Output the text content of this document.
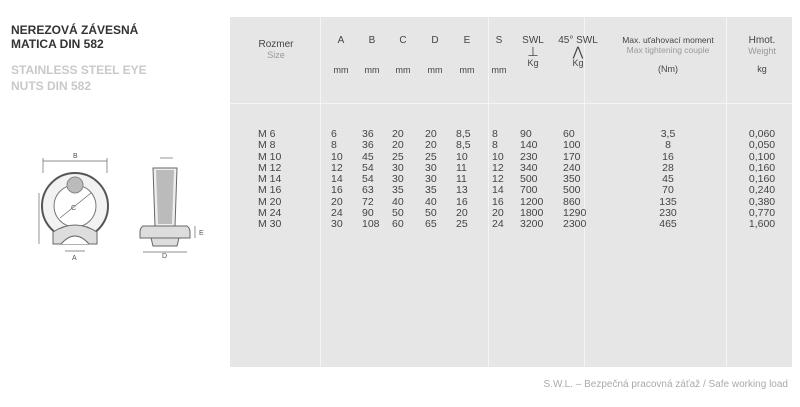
NEREZOVÁ ZÁVESNÁ
MATICA DIN 582
STAINLESS STEEL EYE
NUTS DIN 582
B
C
A	D
E
Rozmer
Size
A
mm
B
mm
C
mm
D
mm
E
mm
S
mm
SWL
⊥
Kg
45° SWL
⋀
Kg
Max. uťahovací moment
Max tightening couple
(Nm)
Hmot.
Weight
kg
M 6
M 8
M 10
M 12
M 14
M 16
M 20
M 24
M 30
6
8
10
12
14
16
20
24
30
36
36
45
54
54
63
72
90
108
20
20
25
30
30
35
40
50
60
20
20
25
30
30
35
40
50
65
8,5
8,5
10
11
11
13
16
20
25
8
8
10
12
12
14
16
20
24
90
140
230
340
500
700
1200
1800
3200
60
100
170
240
350
500
860
1290
2300
3,5
8
16
28
45
70
135
230
465
0,060
0,050
0,100
0,160
0,160
0,240
0,380
0,770
1,600
S.W.L. – Bezpečná pracovná záťaž / Safe working load
